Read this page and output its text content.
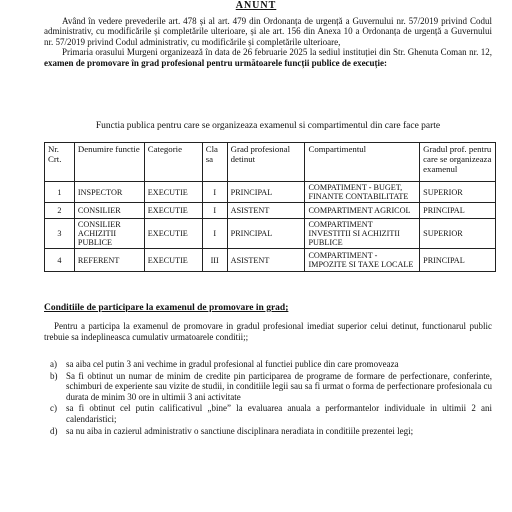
ANUNT
Având în vedere prevederile art. 478 și al art. 479 din Ordonanța de urgență a Guvernului nr. 57/2019 privind Codul administrativ, cu modificările și completările ulterioare, și ale art. 156 din Anexa 10 a Ordonanța de urgență a Guvernului nr. 57/2019 privind Codul administrativ, cu modificările și completările ulterioare,
Primaria orasului Murgeni organizează în data de 26 februarie 2025 la sediul instituției din Str. Ghenuta Coman nr. 12, examen de promovare în grad profesional pentru următoarele funcții publice de execuție:
Functia publica pentru care se organizeaza examenul si compartimentul din care face parte
Nr. Crt.	Denumire functie	Categorie	Cla sa	Grad profesional detinut	Compartimentul	Gradul prof. pentru care se organizeaza examenul
1	INSPECTOR	EXECUTIE	I	PRINCIPAL	COMPATIMENT - BUGET, FINANTE CONTABILITATE	SUPERIOR
2	CONSILIER	EXECUTIE	I	ASISTENT	COMPARTIMENT AGRICOL	PRINCIPAL
3	CONSILIER ACHIZITII PUBLICE	EXECUTIE	I	PRINCIPAL	COMPARTIMENT INVESTITII SI ACHIZITII PUBLICE	SUPERIOR
4	REFERENT	EXECUTIE	III	ASISTENT	COMPARTIMENT - IMPOZITE SI TAXE LOCALE	PRINCIPAL
Conditiile de participare la examenul de promovare in grad;
Pentru a participa la examenul de promovare in gradul profesional imediat superior celui detinut, functionarul public trebuie sa indeplineasca cumulativ urmatoarele conditii;;
a)	sa aiba cel putin 3 ani vechime in gradul profesional al functiei publice din care promoveaza
b) Sa fi obtinut un numar de minim de credite pin participarea de programe de formare de perfectionare, conferinte, schimburi de experiente sau vizite de studii, in conditiile legii sau sa fi urmat o forma de perfectionare profesionala cu durata de minim 30 ore in ultimii 3 ani activitate
c)	sa fi obtinut cel putin calificativul „bine” la evaluarea anuala a performantelor individuale in ultimii 2 ani calendaristici;
d) sa nu aiba in cazierul administrativ o sanctiune disciplinara neradiata in conditiile prezentei legi;
